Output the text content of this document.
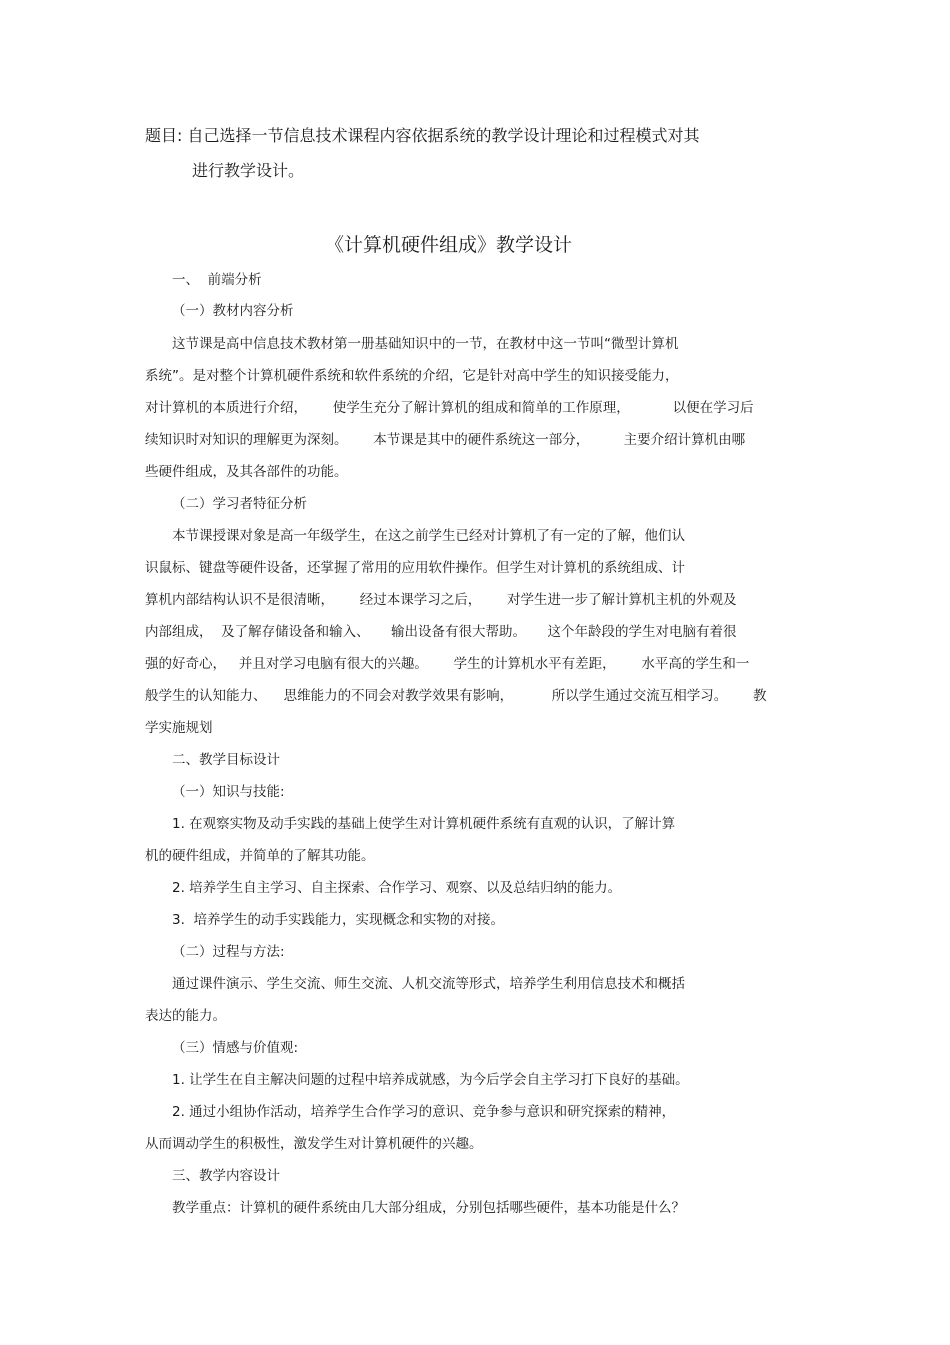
题目: 自己选择一节信息技术课程内容依据系统的教学设计理论和过程模式对其
进行教学设计。
《计算机硬件组成》教学设计
一、  前端分析
（一）教材内容分析
这节课是高中信息技术教材第一册基础知识中的一节，在教材中这一节叫“微型计算机
系统”。是对整个计算机硬件系统和软件系统的介绍，它是针对高中学生的知识接受能力，
对计算机的本质进行介绍，      使学生充分了解计算机的组成和简单的工作原理，          以便在学习后
续知识时对知识的理解更为深刻。      本节课是其中的硬件系统这一部分，        主要介绍计算机由哪
些硬件组成，及其各部件的功能。
（二）学习者特征分析
本节课授课对象是高一年级学生，在这之前学生已经对计算机了有一定的了解，他们认
识鼠标、键盘等硬件设备，还掌握了常用的应用软件操作。但学生对计算机的系统组成、计
算机内部结构认识不是很清晰，      经过本课学习之后，      对学生进一步了解计算机主机的外观及
内部组成，  及了解存储设备和输入、     输出设备有很大帮助。     这个年龄段的学生对电脑有着很
强的好奇心，   并且对学习电脑有很大的兴趣。      学生的计算机水平有差距，      水平高的学生和一
般学生的认知能力、    思维能力的不同会对教学效果有影响，         所以学生通过交流互相学习。      教
学实施规划
二、教学目标设计
（一）知识与技能:
1. 在观察实物及动手实践的基础上使学生对计算机硬件系统有直观的认识，了解计算
机的硬件组成，并简单的了解其功能。
2. 培养学生自主学习、自主探索、合作学习、观察、以及总结归纳的能力。
3.  培养学生的动手实践能力，实现概念和实物的对接。
（二）过程与方法:
通过课件演示、学生交流、师生交流、人机交流等形式，培养学生利用信息技术和概括
表达的能力。
（三）情感与价值观:
1. 让学生在自主解决问题的过程中培养成就感，为今后学会自主学习打下良好的基础。
2. 通过小组协作活动，培养学生合作学习的意识、竞争参与意识和研究探索的精神，
从而调动学生的积极性，激发学生对计算机硬件的兴趣。
三、教学内容设计
教学重点：计算机的硬件系统由几大部分组成，分别包括哪些硬件，基本功能是什么？
